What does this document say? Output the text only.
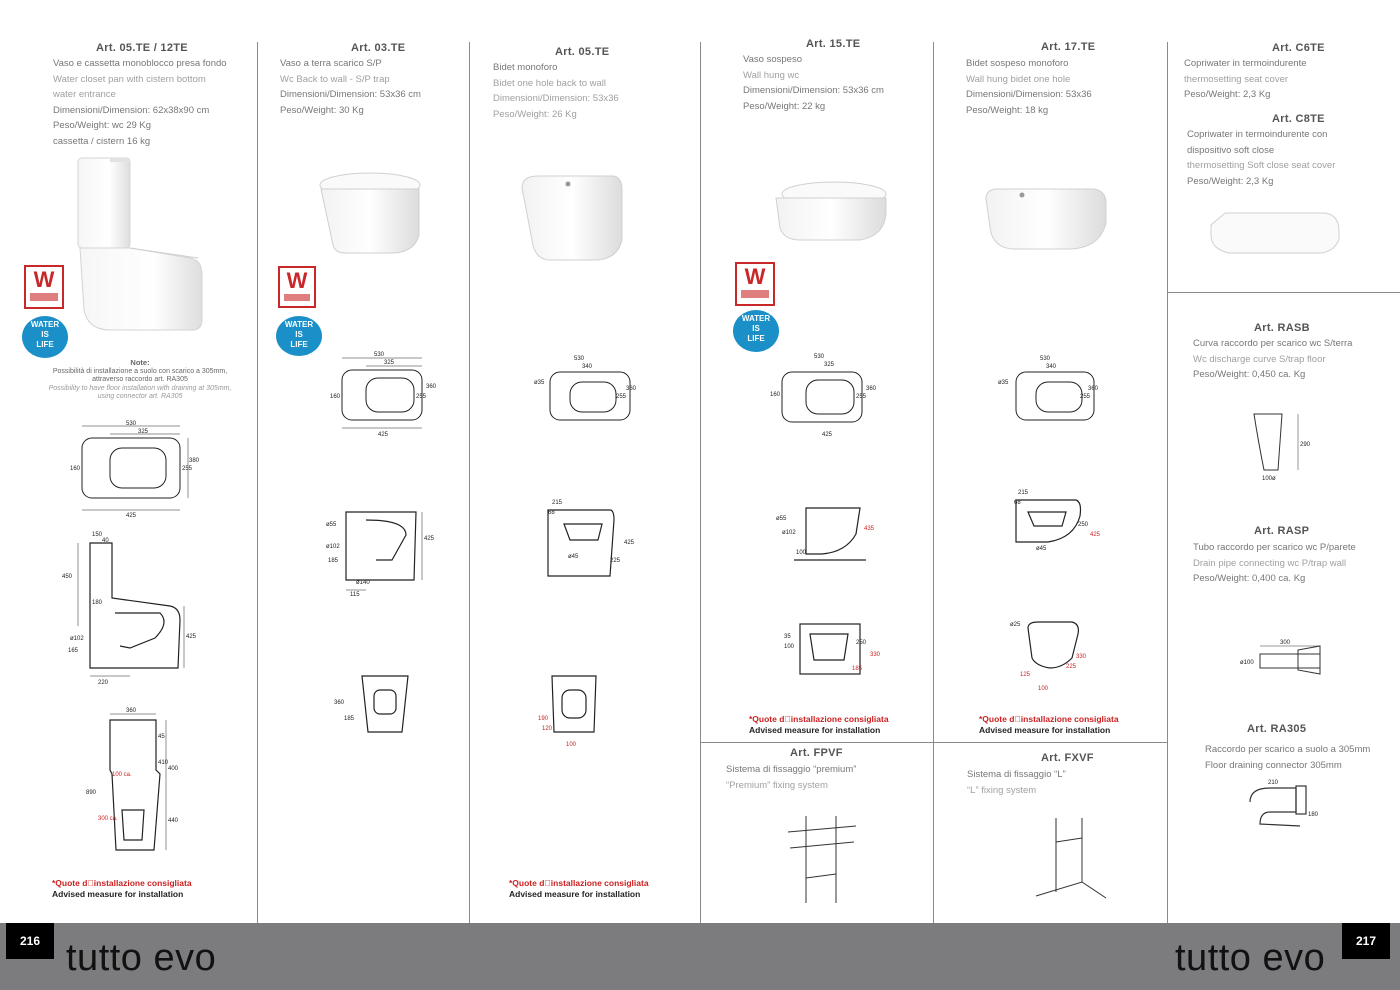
Art. 05.TE / 12TE
Vaso e cassetta monoblocco presa fondo
Water closet pan with cistern bottom
water entrance
Dimensioni/Dimension: 62x38x90 cm
Peso/Weight: wc 29 Kg
cassetta / cistern 16 kg
W
WATER
IS
LIFE
Note:
Possibilità di installazione a suolo con scarico a 305mm, attraverso raccordo art. RA305
Possibility to have floor installation with draining at 305mm, using connector art. RA305
530
325
255
160
380
425
150
40
450
180
ø102
165
220
425
360
400
410
45
100 ca.
890
300 ca.	440
*Quote d installazione consigliata
Advised measure for installation
Art. 03.TE
Vaso a terra scarico S/P
Wc Back to wall - S/P trap
Dimensioni/Dimension: 53x36 cm
Peso/Weight: 30 Kg
W
WATER
IS
LIFE
530
325
160	255
360
425
ø55
ø102
185
425
ø140
115
360
185
Art. 05.TE
Bidet monoforo
Bidet one hole back to wall
Dimensioni/Dimension: 53x36
Peso/Weight: 26 Kg
530
340
ø35
255
360
215
68
425
ø45
225
190
120
100
*Quote d installazione consigliata
Advised measure for installation
Art. 15.TE
Vaso sospeso
Wall hung wc
Dimensioni/Dimension: 53x36 cm
Peso/Weight: 22 kg
W
WATER
IS
LIFE
530
325
160	255
360
425
ø55
ø102
100
435
35
100
250
330
185
*Quote d installazione consigliata
Advised measure for installation
Art. FPVF
Sistema di fissaggio “premium”
“Premium” fixing system
Art. 17.TE
Bidet sospeso monoforo
Wall hung bidet one hole
Dimensioni/Dimension: 53x36
Peso/Weight: 18 kg
530
340
ø35
255
360
215
68
250
425
ø45
ø25
125
330
225
100
*Quote d installazione consigliata
Advised measure for installation
Art. FXVF
Sistema di fissaggio “L”
“L” fixing system
Art. C6TE
Copriwater in termoindurente
thermosetting seat cover
Peso/Weight: 2,3 Kg
Art. C8TE
Copriwater in termoindurente con
dispositivo soft close
thermosetting Soft close seat cover
Peso/Weight: 2,3 Kg
Art. RASB
Curva raccordo per scarico wc S/terra
Wc discharge curve S/trap floor
Peso/Weight: 0,450 ca. Kg
290
100ø
Art. RASP
Tubo raccordo per scarico wc P/parete
Drain pipe connecting wc P/trap wall
Peso/Weight: 0,400 ca. Kg
300
ø100
Art. RA305
Raccordo per scarico a suolo a 305mm
Floor draining connector 305mm
210
180
216 tutto evo	tutto evo	217
